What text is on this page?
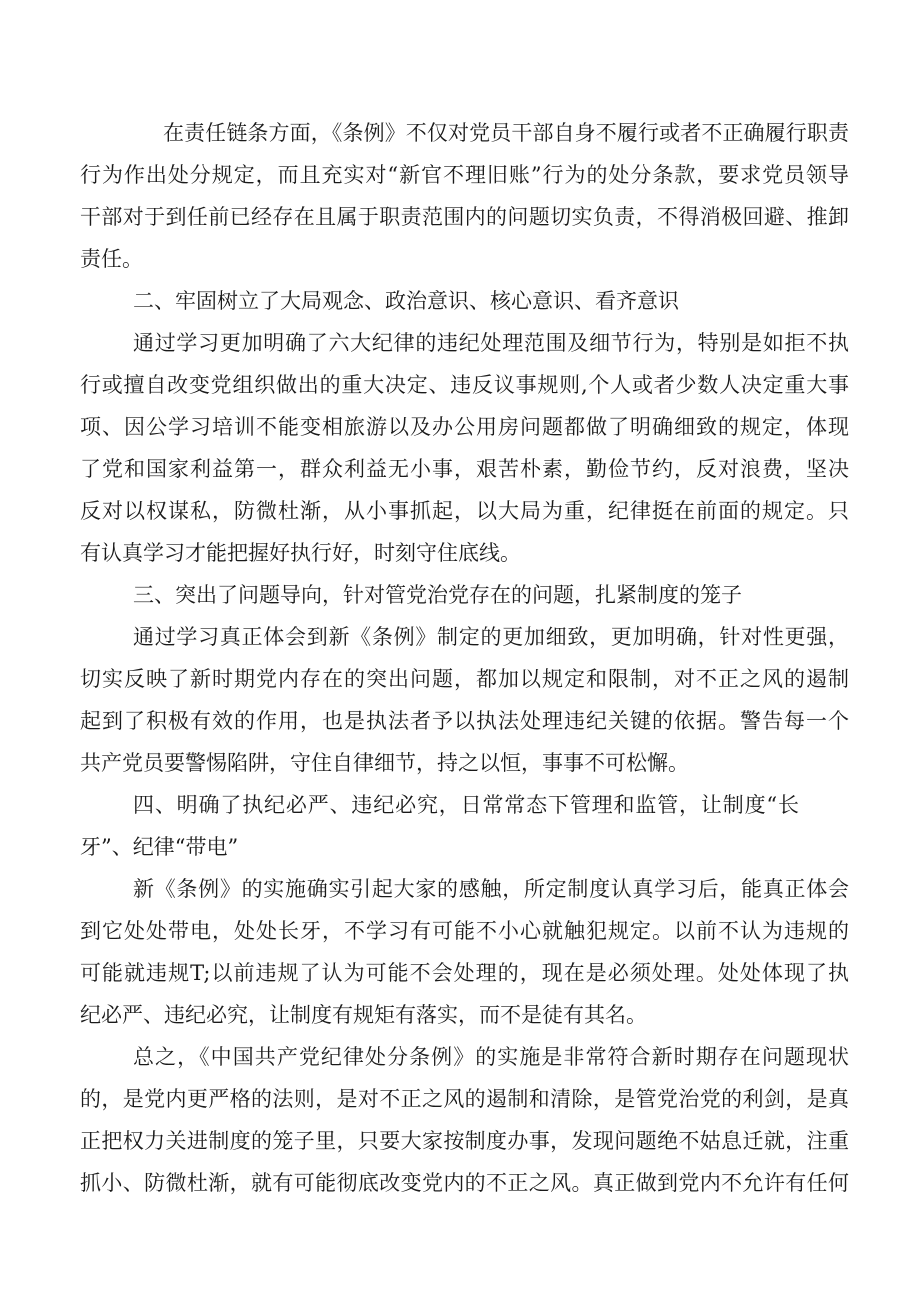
在责任链条方面，《条例》不仅对党员干部自身不履行或者不正确履行职责

行为作出处分规定，而且充实对“新官不理旧账”行为的处分条款，要求党员领导

干部对于到任前已经存在且属于职责范围内的问题切实负责，不得消极回避、推卸

责任。

二、牢固树立了大局观念、政治意识、核心意识、看齐意识

通过学习更加明确了六大纪律的违纪处理范围及细节行为，特别是如拒不执

行或擅自改变党组织做出的重大决定、违反议事规则,个人或者少数人决定重大事

项、因公学习培训不能变相旅游以及办公用房问题都做了明确细致的规定，体现

了党和国家利益第一，群众利益无小事，艰苦朴素，勤俭节约，反对浪费，坚决

反对以权谋私，防微杜渐，从小事抓起，以大局为重，纪律挺在前面的规定。只

有认真学习才能把握好执行好，时刻守住底线。

三、突出了问题导向，针对管党治党存在的问题，扎紧制度的笼子

通过学习真正体会到新《条例》制定的更加细致，更加明确，针对性更强，

切实反映了新时期党内存在的突出问题，都加以规定和限制，对不正之风的遏制

起到了积极有效的作用，也是执法者予以执法处理违纪关键的依据。警告每一个

共产党员要警惕陷阱，守住自律细节，持之以恒，事事不可松懈。

四、明确了执纪必严、违纪必究，日常常态下管理和监管，让制度“长

牙”、纪律“带电”

新《条例》的实施确实引起大家的感触，所定制度认真学习后，能真正体会

到它处处带电，处处长牙，不学习有可能不小心就触犯规定。以前不认为违规的

可能就违规T;以前违规了认为可能不会处理的，现在是必须处理。处处体现了执

纪必严、违纪必究，让制度有规矩有落实，而不是徒有其名。

总之，《中国共产党纪律处分条例》的实施是非常符合新时期存在问题现状

的，是党内更严格的法则，是对不正之风的遏制和清除，是管党治党的利剑，是真

正把权力关进制度的笼子里，只要大家按制度办事，发现问题绝不姑息迁就，注重

抓小、防微杜渐，就有可能彻底改变党内的不正之风。真正做到党内不允许有任何
